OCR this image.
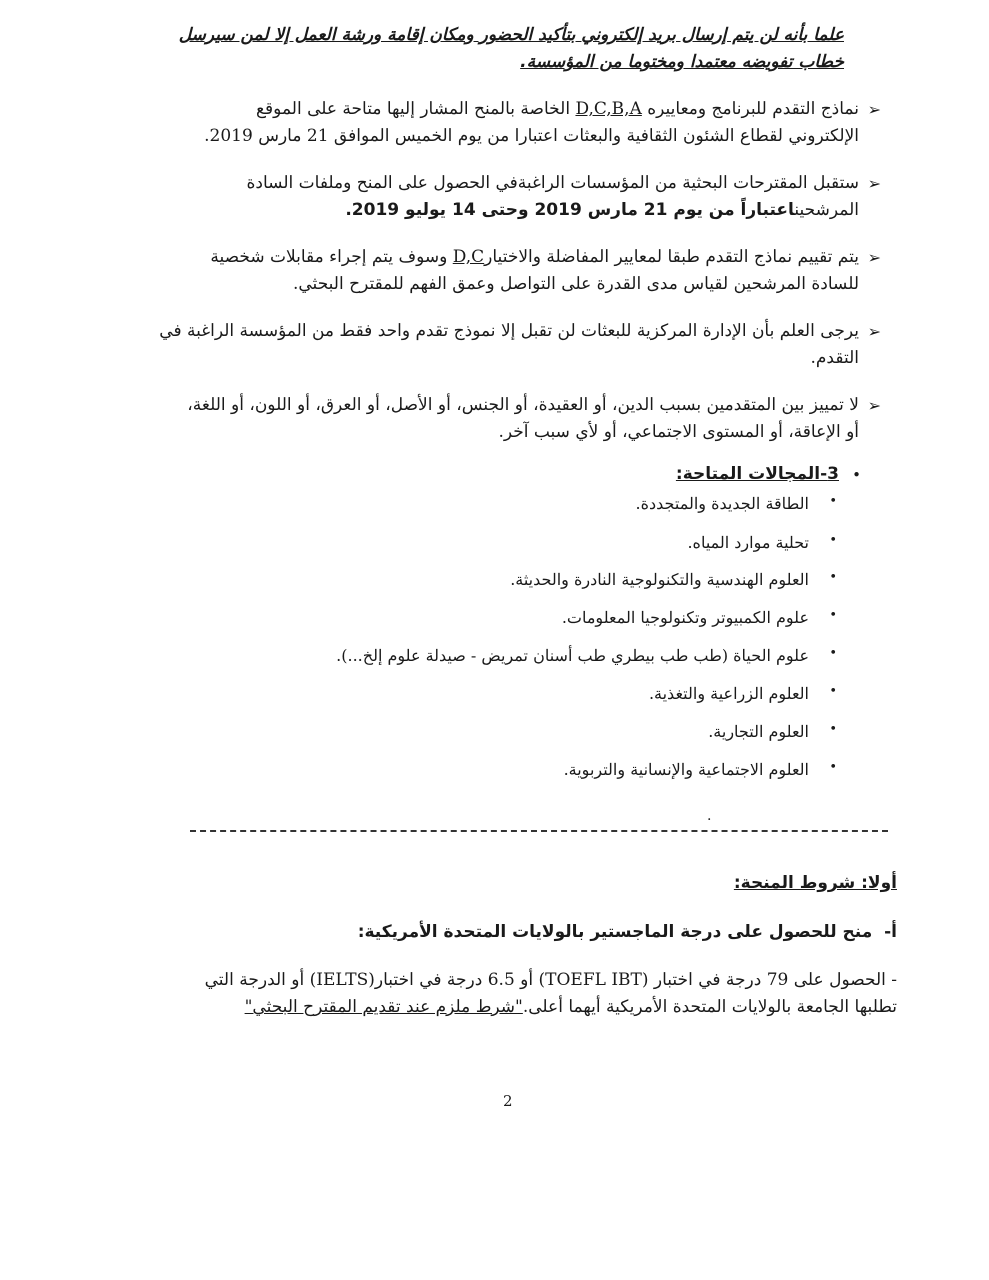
علما بأنه لن يتم إرسال بريد إلكتروني بتأكيد الحضور ومكان إقامة ورشة العمل إلا لمن سيرسل
خطاب تفويضه معتمدا ومختوما من المؤسسة.
➢

نماذج التقدم للبرنامج ومعاييره D,C,B,A الخاصة بالمنح المشار إليها متاحة على الموقع

الإلكتروني لقطاع الشئون الثقافية والبعثات اعتبارا من يوم الخميس الموافق 21 مارس 2019.

➢

ستقبل المقترحات البحثية من المؤسسات الراغبةفي الحصول على المنح وملفات السادة

المرشحيناعتباراً من يوم 21 مارس 2019 وحتى 14 يوليو 2019.

➢

يتم تقييم نماذج التقدم طبقا لمعايير المفاضلة والاختيارD,C وسوف يتم إجراء مقابلات شخصية

للسادة المرشحين لقياس مدى القدرة على التواصل وعمق الفهم للمقترح البحثي.

➢

يرجى العلم بأن الإدارة المركزية للبعثات لن تقبل إلا نموذج تقدم واحد فقط من المؤسسة الراغبة في

التقدم.

➢

لا تمييز بين المتقدمين بسبب الدين، أو العقيدة، أو الجنس، أو الأصل، أو العرق، أو اللون، أو اللغة،

أو الإعاقة، أو المستوى الاجتماعي، أو لأي سبب آخر.

•
3-المجالات المتاحة:
•
الطاقة الجديدة والمتجددة.
•
تحلية موارد المياه.
•
العلوم الهندسية والتكنولوجية النادرة والحديثة.
•
علوم الكمبيوتر وتكنولوجيا المعلومات.
•
علوم الحياة (طب طب بيطري طب أسنان تمريض - صيدلة علوم إلخ...).
•
العلوم الزراعية والتغذية.
•
العلوم التجارية.
•
العلوم الاجتماعية والإنسانية والتربوية.
.
أولا: شروط المنحة:
أ-  منح للحصول على درجة الماجستير بالولايات المتحدة الأمريكية:
- الحصول على 79 درجة في اختبار (TOEFL IBT) أو 6.5 درجة في اختبار(IELTS) أو الدرجة التي
تطلبها الجامعة بالولايات المتحدة الأمريكية أيهما أعلى."شرط ملزم عند تقديم المقترح البحثي"
2
